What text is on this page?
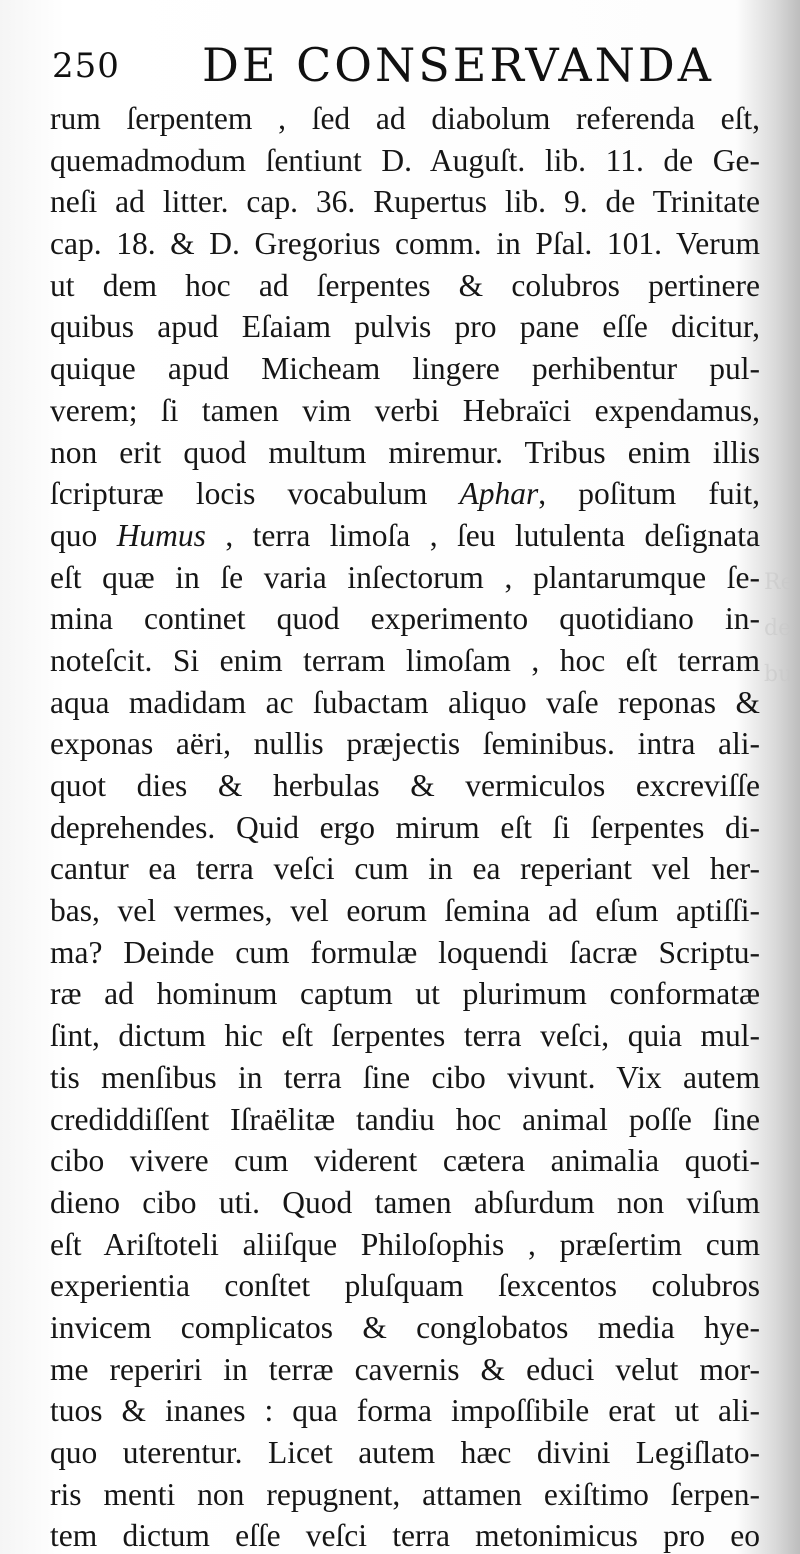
Re
de
bu
250 DE CONSERVANDA
rum ſerpentem , ſed ad diabolum referenda eſt,
quemadmodum ſentiunt D. Auguſt. lib. 11. de Ge-
neſi ad litter. cap. 36. Rupertus lib. 9. de Trinitate
cap. 18. & D. Gregorius comm. in Pſal. 101. Verum
ut dem hoc ad ſerpentes & colubros pertinere
quibus apud Eſaiam pulvis pro pane eſſe dicitur,
quique apud Micheam lingere perhibentur pul-
verem; ſi tamen vim verbi Hebraïci expendamus,
non erit quod multum miremur. Tribus enim illis
ſcripturæ locis vocabulum Aphar, poſitum fuit,
quo Humus , terra limoſa , ſeu lutulenta deſignata
eſt quæ in ſe varia inſectorum , plantarumque ſe-
mina continet quod experimento quotidiano in-
noteſcit. Si enim terram limoſam , hoc eſt terram
aqua madidam ac ſubactam aliquo vaſe reponas &
exponas aëri, nullis præjectis ſeminibus. intra ali-
quot dies & herbulas & vermiculos excreviſſe
deprehendes. Quid ergo mirum eſt ſi ſerpentes di-
cantur ea terra veſci cum in ea reperiant vel her-
bas, vel vermes, vel eorum ſemina ad eſum aptiſſi-
ma? Deinde cum formulæ loquendi ſacræ Scriptu-
ræ ad hominum captum ut plurimum conformatæ
ſint, dictum hic eſt ſerpentes terra veſci, quia mul-
tis menſibus in terra ſine cibo vivunt. Vix autem
crediddiſſent Iſraëlitæ tandiu hoc animal poſſe ſine
cibo vivere cum viderent cætera animalia quoti-
dieno cibo uti. Quod tamen abſurdum non viſum
eſt Ariſtoteli aliiſque Philoſophis , præſertim cum
experientia conſtet pluſquam ſexcentos colubros
invicem complicatos & conglobatos media hye-
me reperiri in terræ cavernis & educi velut mor-
tuos & inanes : qua forma impoſſibile erat ut ali-
quo uterentur. Licet autem hæc divini Legiſlato-
ris menti non repugnent, attamen exiſtimo ſerpen-
tem dictum eſſe veſci terra metonimicus pro eo
